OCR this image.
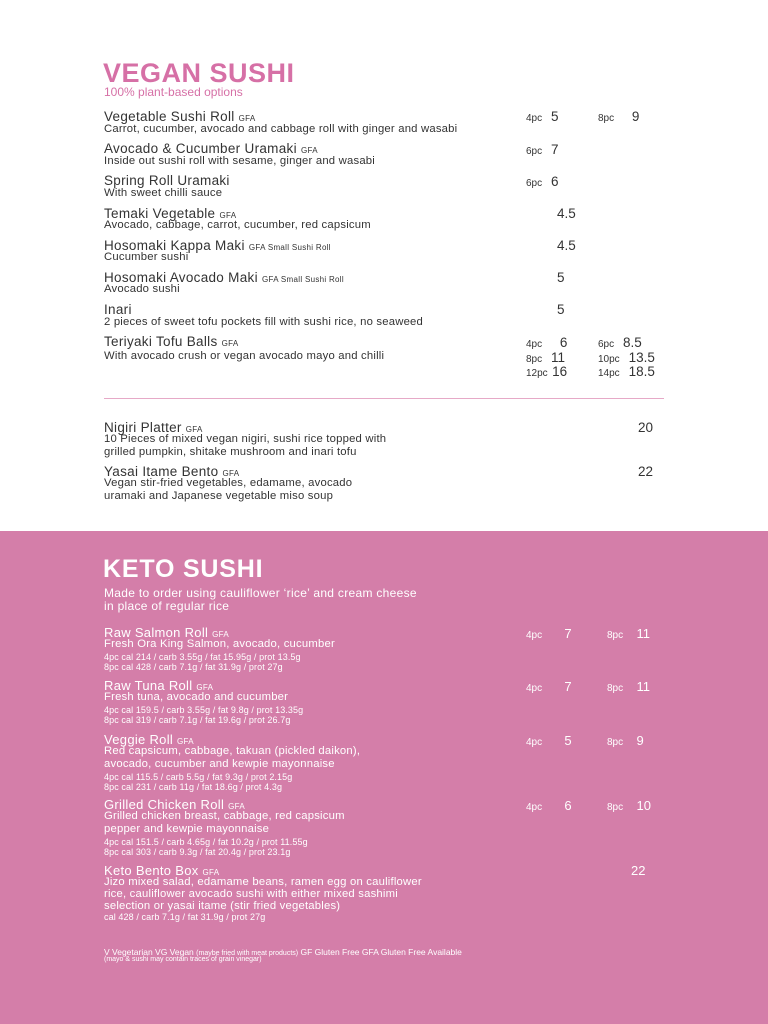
VEGAN SUSHI
100% plant-based options
Vegetable Sushi Roll GFA
Carrot, cucumber, avocado and cabbage roll with ginger and wasabi
4pc 5	8pc 9
Avocado & Cucumber Uramaki GFA
Inside out sushi roll with sesame, ginger and wasabi
6pc 7
Spring Roll Uramaki
With sweet chilli sauce
6pc 6
Temaki Vegetable GFA
Avocado, cabbage, carrot, cucumber, red capsicum
4.5
Hosomaki Kappa Maki GFA Small Sushi Roll
Cucumber sushi
4.5
Hosomaki Avocado Maki GFA Small Sushi Roll
Avocado sushi
5
Inari
2 pieces of sweet tofu pockets fill with sushi rice, no seaweed
5
Teriyaki Tofu Balls GFA
With avocado crush or vegan avocado mayo and chilli
4pc 6	6pc 8.5
8pc 11	10pc 13.5
12pc 16	14pc 18.5
Nigiri Platter GFA
10 Pieces of mixed vegan nigiri, sushi rice topped with
grilled pumpkin, shitake mushroom and inari tofu
20
Yasai Itame Bento GFA
Vegan stir-fried vegetables, edamame, avocado
uramaki and Japanese vegetable miso soup
22
KETO SUSHI
Made to order using cauliflower ‘rice’ and cream cheese
in place of regular rice
Raw Salmon Roll GFA
Fresh Ora King Salmon, avocado, cucumber
4pc cal 214 / carb 3.55g / fat 15.95g / prot 13.5g
8pc cal 428 / carb 7.1g / fat 31.9g / prot 27g
4pc 7	8pc 11
Raw Tuna Roll GFA
Fresh tuna, avocado and cucumber
4pc cal 159.5 / carb 3.55g / fat 9.8g / prot 13.35g
8pc cal 319 / carb 7.1g / fat 19.6g / prot 26.7g
4pc 7	8pc 11
Veggie Roll GFA
Red capsicum, cabbage, takuan (pickled daikon),
avocado, cucumber and kewpie mayonnaise
4pc cal 115.5 / carb 5.5g / fat 9.3g / prot 2.15g
8pc cal 231 / carb 11g / fat 18.6g / prot 4.3g
4pc 5	8pc 9
Grilled Chicken Roll GFA
Grilled chicken breast, cabbage, red capsicum
pepper and kewpie mayonnaise
4pc cal 151.5 / carb 4.65g / fat 10.2g / prot 11.55g
8pc cal 303 / carb 9.3g / fat 20.4g / prot 23.1g
4pc 6	8pc 10
Keto Bento Box GFA
Jizo mixed salad, edamame beans, ramen egg on cauliflower
rice, cauliflower avocado sushi with either mixed sashimi
selection or yasai itame (stir fried vegetables)
cal 428 / carb 7.1g / fat 31.9g / prot 27g
22
V Vegetarian VG Vegan (maybe fried with meat products) GF Gluten Free GFA Gluten Free Available
(mayo & sushi may contain traces of grain vinegar)
